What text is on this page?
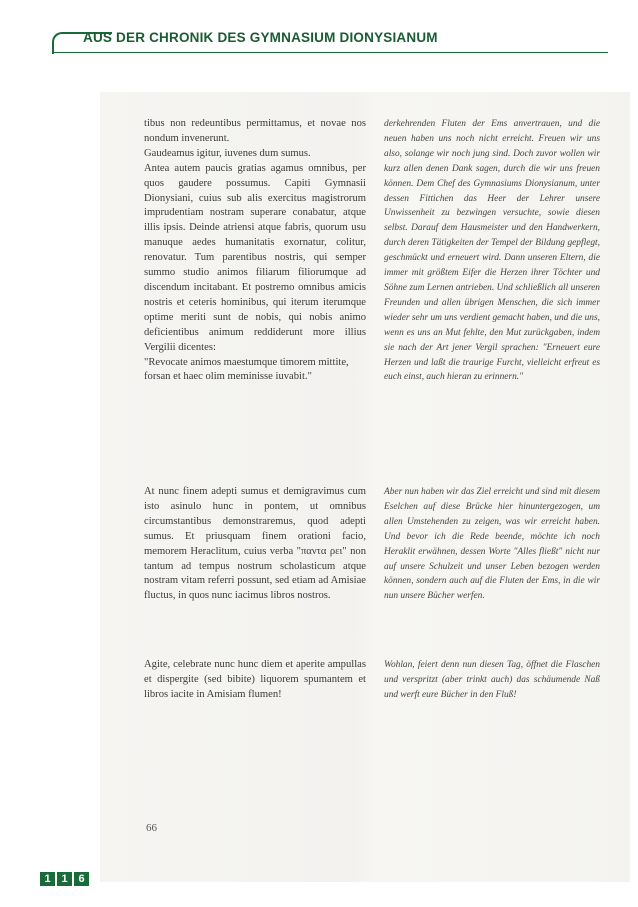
AUS DER CHRONIK DES GYMNASIUM DIONYSIANUM

tibus non redeuntibus permittamus, et novae nos nondum invenerunt.

Gaudeamus igitur, iuvenes dum sumus.

Antea autem paucis gratias agamus omnibus, per quos gaudere possumus. Capiti Gymnasii Dionysiani, cuius sub alis exercitus magistrorum imprudentiam nostram superare conabatur, atque illis ipsis. Deinde atriensi atque fabris, quorum usu manuque aedes humanitatis exornatur, colitur, renovatur. Tum parentibus nostris, qui semper summo studio animos filiarum filiorumque ad discendum incitabant. Et postremo omnibus amicis nostris et ceteris hominibus, qui iterum iterumque optime meriti sunt de nobis, qui nobis animo deficientibus animum reddiderunt more illius Vergilii dicentes:

"Revocate animos maestumque timorem mittite,

forsan et haec olim meminisse iuvabit."

derkehrenden Fluten der Ems anvertrauen, und die neuen haben uns noch nicht erreicht. Freuen wir uns also, solange wir noch jung sind. Doch zuvor wollen wir kurz allen denen Dank sagen, durch die wir uns freuen können. Dem Chef des Gymnasiums Dionysianum, unter dessen Fittichen das Heer der Lehrer unsere Unwissenheit zu bezwingen versuchte, sowie diesen selbst. Darauf dem Hausmeister und den Handwerkern, durch deren Tätigkeiten der Tempel der Bildung gepflegt, geschmückt und erneuert wird. Dann unseren Eltern, die immer mit größtem Eifer die Herzen ihrer Töchter und Söhne zum Lernen antrieben. Und schließlich all unseren Freunden und allen übrigen Menschen, die sich immer wieder sehr um uns verdient gemacht haben, und die uns, wenn es uns an Mut fehlte, den Mut zurückgaben, indem sie nach der Art jener Vergil sprachen: "Erneuert eure Herzen und laßt die traurige Furcht, vielleicht erfreut es euch einst, auch hieran zu erinnern."

At nunc finem adepti sumus et demigravimus cum isto asinulo hunc in pontem, ut omnibus circumstantibus demonstraremus, quod adepti sumus. Et priusquam finem orationi facio, memorem Heraclitum, cuius verba "παντα ρει" non tantum ad tempus nostrum scholasticum atque nostram vitam referri possunt, sed etiam ad Amisiae fluctus, in quos nunc iacimus libros nostros.

Aber nun haben wir das Ziel erreicht und sind mit diesem Eselchen auf diese Brücke hier hinuntergezogen, um allen Umstehenden zu zeigen, was wir erreicht haben. Und bevor ich die Rede beende, möchte ich noch Heraklit erwähnen, dessen Worte "Alles fließt" nicht nur auf unsere Schulzeit und unser Leben bezogen werden können, sondern auch auf die Fluten der Ems, in die wir nun unsere Bücher werfen.

Agite, celebrate nunc hunc diem et aperite ampullas et dispergite (sed bibite) liquorem spumantem et libros iacite in Amisiam flumen!

Wohlan, feiert denn nun diesen Tag, öffnet die Flaschen und verspritzt (aber trinkt auch) das schäumende Naß und werft eure Bücher in den Fluß!

66
1 1 6
